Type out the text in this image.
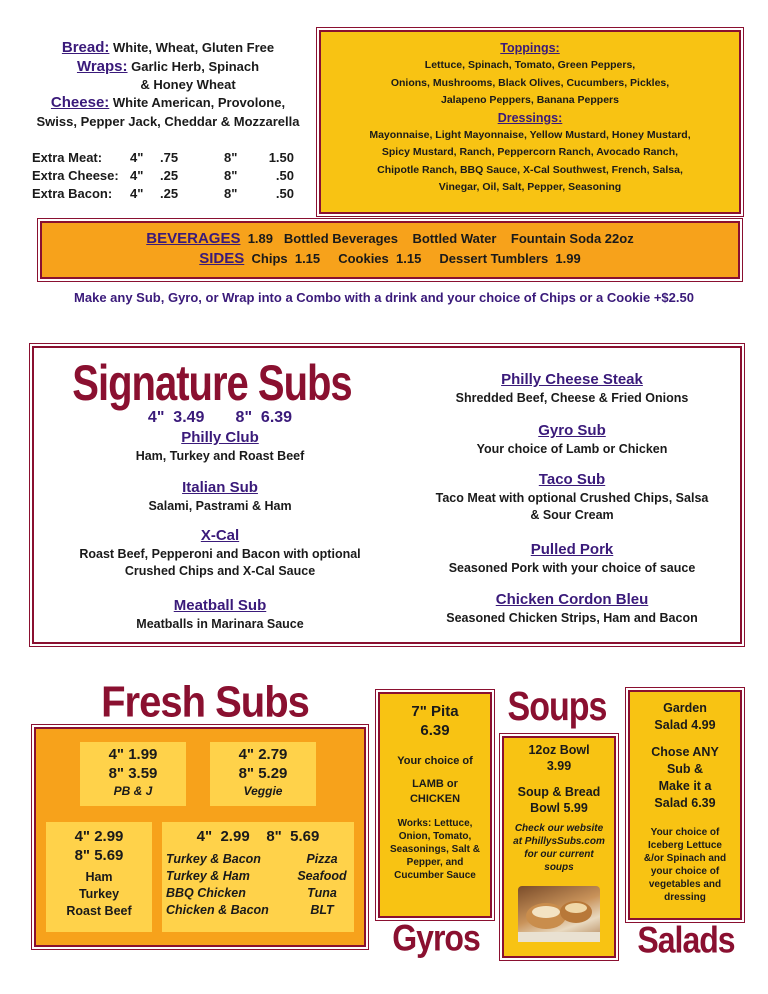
Bread: White, Wheat, Gluten Free
Wraps: Garlic Herb, Spinach
& Honey Wheat
Cheese: White American, Provolone,
Swiss, Pepper Jack, Cheddar & Mozzarella
Extra Meat:	4"	.75	8"	1.50
Extra Cheese: 4"	.25	8"	.50
Extra Bacon:	4"	.25	8"	.50
Toppings:
Lettuce, Spinach, Tomato, Green Peppers,
Onions, Mushrooms, Black Olives, Cucumbers, Pickles,
Jalapeno Peppers, Banana Peppers
Dressings:
Mayonnaise, Light Mayonnaise, Yellow Mustard, Honey Mustard,
Spicy Mustard, Ranch, Peppercorn Ranch, Avocado Ranch,
Chipotle Ranch, BBQ Sauce, X-Cal Southwest, French, Salsa,
Vinegar, Oil, Salt, Pepper, Seasoning
BEVERAGES 1.89 Bottled Beverages    Bottled Water    Fountain Soda 22oz
SIDES Chips  1.15     Cookies  1.15     Dessert Tumblers  1.99
Make any Sub, Gyro, or Wrap into a Combo with a drink and your choice of Chips or a Cookie +$2.50
Signature Subs
4"  3.49       8"  6.39
Philly Club
Ham, Turkey and Roast Beef
Italian Sub
Salami, Pastrami & Ham
X-Cal
Roast Beef, Pepperoni and Bacon with optional
Crushed Chips and X-Cal Sauce
Meatball Sub
Meatballs in Marinara Sauce
Philly Cheese Steak
Shredded Beef, Cheese & Fried Onions
Gyro Sub
Your choice of Lamb or Chicken
Taco Sub
Taco Meat with optional Crushed Chips, Salsa
& Sour Cream
Pulled Pork
Seasoned Pork with your choice of sauce
Chicken Cordon Bleu
Seasoned Chicken Strips, Ham and Bacon
Fresh Subs
4" 1.99
8" 3.59
PB & J
4" 2.79
8" 5.29
Veggie
4" 2.99
8" 5.69
Ham
Turkey
Roast Beef
4"  2.99    8"  5.69
Turkey & Bacon
Turkey & Ham
BBQ Chicken
Chicken & Bacon
Pizza
Seafood
Tuna
BLT
7" Pita
6.39
Your choice of
LAMB or
CHICKEN
Works: Lettuce,
Onion, Tomato,
Seasonings, Salt &
Pepper, and
Cucumber Sauce
Gyros
Soups
12oz Bowl
3.99
Soup & Bread
Bowl 5.99
Check our website
at PhillysSubs.com
for our current
soups
Garden
Salad 4.99
Chose ANY
Sub &
Make it a
Salad 6.39
Your choice of
Iceberg Lettuce
&/or Spinach and
your choice of
vegetables and
dressing
Salads
